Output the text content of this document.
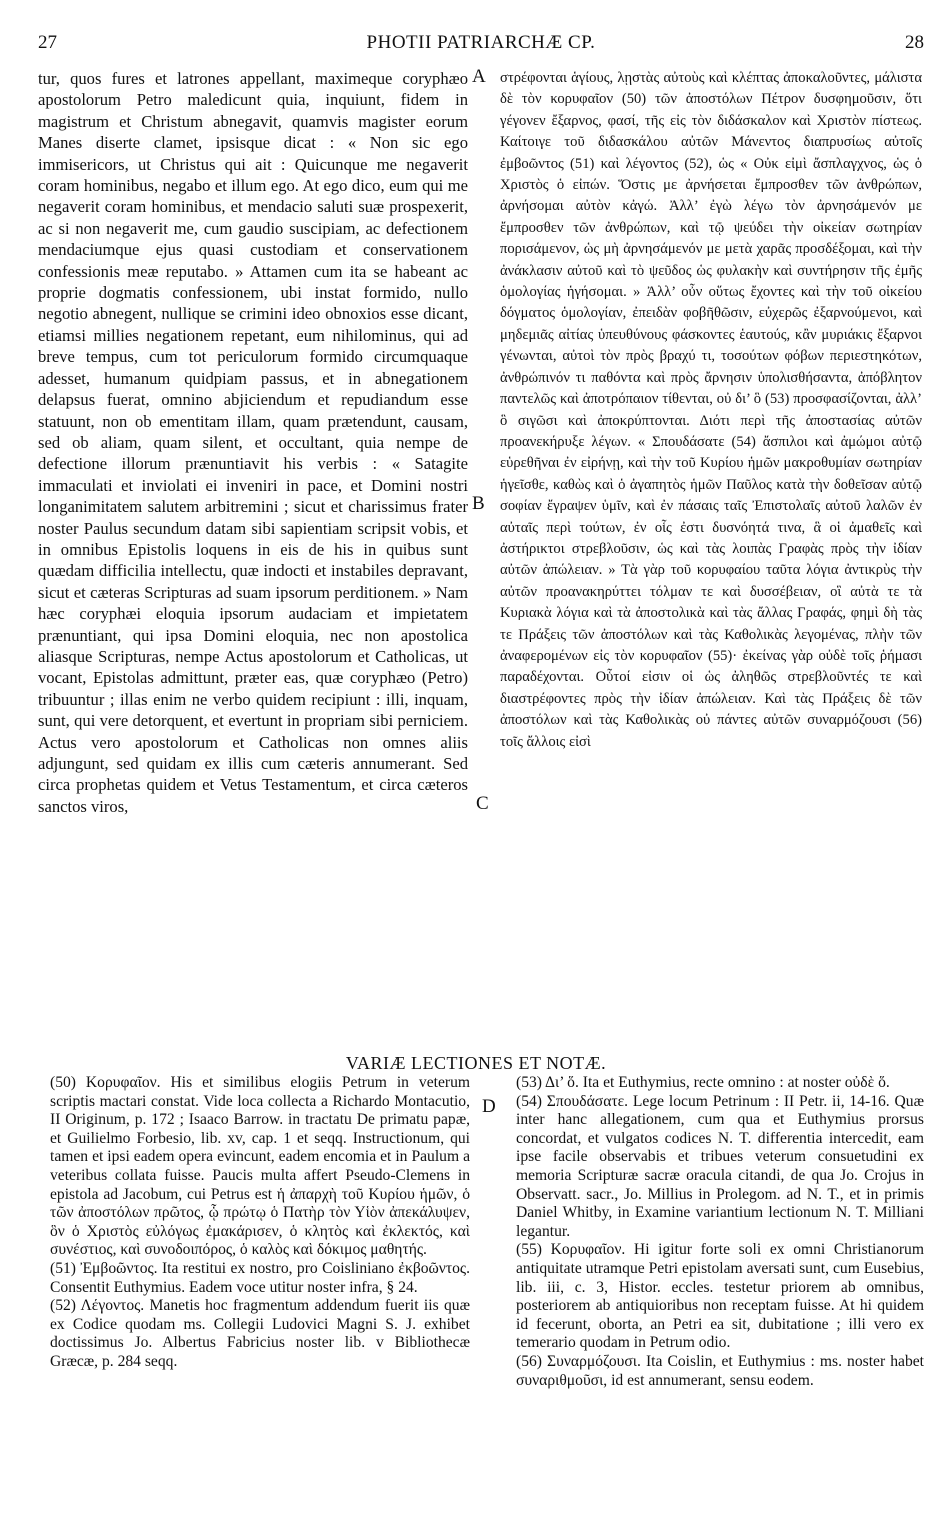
27	PHOTII PATRIARCHÆ CP.	28
tur, quos fures et latrones appellant, maximeque coryphæo apostolorum Petro maledicunt quia, inquiunt, fidem in magistrum et Christum abnegavit, quamvis magister eorum Manes diserte clamet, ipsisque dicat : « Non sic ego immisericors, ut Christus qui ait : Quicunque me negaverit coram hominibus, negabo et illum ego. At ego dico, eum qui me negaverit coram hominibus, et mendacio saluti suæ prospexerit, ac si non negaverit me, cum gaudio suscipiam, ac defectionem mendaciumque ejus quasi custodiam et conservationem confessionis meæ reputabo. » Attamen cum ita se habeant ac proprie dogmatis confessionem, ubi instat formido, nullo negotio abnegent, nullique se crimini ideo obnoxios esse dicant, etiamsi millies negationem repetant, eum nihilominus, qui ad breve tempus, cum tot periculorum formido circumquaque adesset, humanum quidpiam passus, et in abnegationem delapsus fuerat, omnino abjiciendum et repudiandum esse statuunt, non ob ementitam illam, quam prætendunt, causam, sed ob aliam, quam silent, et occultant, quia nempe de defectione illorum prænuntiavit his verbis : « Satagite immaculati et inviolati ei inveniri in pace, et Domini nostri longanimitatem salutem arbitremini ; sicut et charissimus frater noster Paulus secundum datam sibi sapientiam scripsit vobis, et in omnibus Epistolis loquens in eis de his in quibus sunt quædam difficilia intellectu, quæ indocti et instabiles depravant, sicut et cæteras Scripturas ad suam ipsorum perditionem. » Nam hæc coryphæi eloquia ipsorum audaciam et impietatem prænuntiant, qui ipsa Domini eloquia, nec non apostolica aliasque Scripturas, nempe Actus apostolorum et Catholicas, ut vocant, Epistolas admittunt, præter eas, quæ coryphæo (Petro) tribuuntur ; illas enim ne verbo quidem recipiunt : illi, inquam, sunt, qui vere detorquent, et evertunt in propriam sibi perniciem. Actus vero apostolorum et Catholicas non omnes aliis adjungunt, sed quidam ex illis cum cæteris annumerant. Sed circa prophetas quidem et Vetus Testamentum, et circa cæteros sanctos viros,
A
B
C
D
στρέφονται ἁγίους, λῃστὰς αὐτοὺς καὶ κλέπτας ἀποκαλοῦντες, μάλιστα δὲ τὸν κορυφαῖον (50) τῶν ἀποστόλων Πέτρον δυσφημοῦσιν, ὅτι γέγονεν ἔξαρνος, φασί, τῆς εἰς τὸν διδάσκαλον καὶ Χριστὸν πίστεως. Καίτοιγε τοῦ διδασκάλου αὐτῶν Μάνεντος διαπρυσίως αὐτοῖς ἐμβοῶντος (51) καὶ λέγοντος (52), ὡς « Οὐκ εἰμὶ ἄσπλαγχνος, ὡς ὁ Χριστὸς ὁ εἰπών. Ὅστις με ἀρνήσεται ἔμπροσθεν τῶν ἀνθρώπων, ἀρνήσομαι αὐτὸν κἀγώ. Ἀλλ’ ἐγὼ λέγω τὸν ἀρνησάμενόν με ἔμπροσθεν τῶν ἀνθρώπων, καὶ τῷ ψεύδει τὴν οἰκείαν σωτηρίαν πορισάμενον, ὡς μὴ ἀρνησάμενόν με μετὰ χαρᾶς προσδέξομαι, καὶ τὴν ἀνάκλασιν αὐτοῦ καὶ τὸ ψεῦδος ὡς φυλακὴν καὶ συντήρησιν τῆς ἐμῆς ὁμολογίας ἡγήσομαι. » Ἀλλ’ οὖν οὕτως ἔχοντες καὶ τὴν τοῦ οἰκείου δόγματος ὁμολογίαν, ἐπειδὰν φοβῆθῶσιν, εὐχερῶς ἐξαρνούμενοι, καὶ μηδεμιᾶς αἰτίας ὑπευθύνους φάσκοντες ἑαυτούς, κἂν μυριάκις ἔξαρνοι γένωνται, αὐτοὶ τὸν πρὸς βραχύ τι, τοσούτων φόβων περιεστηκότων, ἀνθρώπινόν τι παθόντα καὶ πρὸς ἄρνησιν ὑπολισθήσαντα, ἀπόβλητον παντελῶς καὶ ἀποτρόπαιον τίθενται, οὐ δι’ ὃ (53) προσφασίζονται, ἀλλ’ ὃ σιγῶσι καὶ ἀποκρύπτονται. Διότι περὶ τῆς ἀποστασίας αὐτῶν προανεκήρυξε λέγων. « Σπουδάσατε (54) ἄσπιλοι καὶ ἀμώμοι αὐτῷ εὑρεθῆναι ἐν εἰρήνῃ, καὶ τὴν τοῦ Κυρίου ἡμῶν μακροθυμίαν σωτηρίαν ἡγεῖσθε, καθὼς καὶ ὁ ἀγαπητὸς ἡμῶν Παῦλος κατὰ τὴν δοθεῖσαν αὐτῷ σοφίαν ἔγραψεν ὑμῖν, καὶ ἐν πάσαις ταῖς Ἐπιστολαῖς αὐτοῦ λαλῶν ἐν αὐταῖς περὶ τούτων, ἐν οἷς ἐστι δυσνόητά τινα, ἃ οἱ ἀμαθεῖς καὶ ἀστήρικτοι στρεβλοῦσιν, ὡς καὶ τὰς λοιπὰς Γραφὰς πρὸς τὴν ἰδίαν αὐτῶν ἀπώλειαν. » Τὰ γὰρ τοῦ κορυφαίου ταῦτα λόγια ἀντικρὺς τὴν αὐτῶν προανακηρύττει τόλμαν τε καὶ δυσσέβειαν, οἳ αὐτὰ τε τὰ Κυριακὰ λόγια καὶ τὰ ἀποστολικὰ καὶ τὰς ἄλλας Γραφάς, φημὶ δὴ τὰς τε Πράξεις τῶν ἀποστόλων καὶ τὰς Καθολικὰς λεγομένας, πλὴν τῶν ἀναφερομένων εἰς τὸν κορυφαῖον (55)· ἐκείνας γὰρ οὐδὲ τοῖς ῥήμασι παραδέχονται. Οὗτοί εἰσιν οἱ ὡς ἀληθῶς στρεβλοῦντές τε καὶ διαστρέφοντες πρὸς τὴν ἰδίαν ἀπώλειαν. Καὶ τὰς Πράξεις δὲ τῶν ἀποστόλων καὶ τὰς Καθολικὰς οὐ πάντες αὐτῶν συναρμόζουσι (56) τοῖς ἄλλοις εἰσὶ
VARIÆ LECTIONES ET NOTÆ.

(50) Κορυφαῖον. His et similibus elogiis Petrum in veterum scriptis mactari constat. Vide loca collecta a Richardo Montacutio, II Originum, p. 172 ; Isaaco Barrow. in tractatu De primatu papæ, et Guilielmo Forbesio, lib. xv, cap. 1 et seqq. Instructionum, qui tamen et ipsi eadem opera evincunt, eadem encomia et in Paulum a veteribus collata fuisse. Paucis multa affert Pseudo-Clemens in epistola ad Jacobum, cui Petrus est ἡ ἀπαρχὴ τοῦ Κυρίου ἡμῶν, ὁ τῶν ἀποστόλων πρῶτος, ᾧ πρώτῳ ὁ Πατὴρ τὸν Υἱὸν ἀπεκάλυψεν, ὃν ὁ Χριστὸς εὐλόγως ἐμακάρισεν, ὁ κλητὸς καὶ ἐκλεκτός, καὶ συνέστιος, καὶ συνοδοιπόρος, ὁ καλὸς καὶ δόκιμος μαθητής.

(51) Ἐμβοῶντος. Ita restitui ex nostro, pro Coisliniano ἐκβοῶντος. Consentit Euthymius. Eadem voce utitur noster infra, § 24.

(52) Λέγοντος. Manetis hoc fragmentum addendum fuerit iis quæ ex Codice quodam ms. Collegii Ludovici Magni S. J. exhibet doctissimus Jo. Albertus Fabricius noster lib. v Bibliothecæ Græcæ, p. 284 seqq.

(53) Δι’ ὅ. Ita et Euthymius, recte omnino : at noster οὐδὲ ὅ.

(54) Σπουδάσατε. Lege locum Petrinum : II Petr. ii, 14-16. Quæ inter hanc allegationem, cum qua et Euthymius prorsus concordat, et vulgatos codices N. T. differentia intercedit, eam ipse facile observabis et tribues veterum consuetudini ex memoria Scripturæ sacræ oracula citandi, de qua Jo. Crojus in Observatt. sacr., Jo. Millius in Prolegom. ad N. T., et in primis Daniel Whitby, in Examine variantium lectionum N. T. Milliani legantur.

(55) Κορυφαῖον. Hi igitur forte soli ex omni Christianorum antiquitate utramque Petri epistolam aversati sunt, cum Eusebius, lib. iii, c. 3, Histor. eccles. testetur priorem ab omnibus, posteriorem ab antiquioribus non receptam fuisse. At hi quidem id fecerunt, oborta, an Petri ea sit, dubitatione ; illi vero ex temerario quodam in Petrum odio.

(56) Συναρμόζουσι. Ita Coislin, et Euthymius : ms. noster habet συναριθμοῦσι, id est annumerant, sensu eodem.
